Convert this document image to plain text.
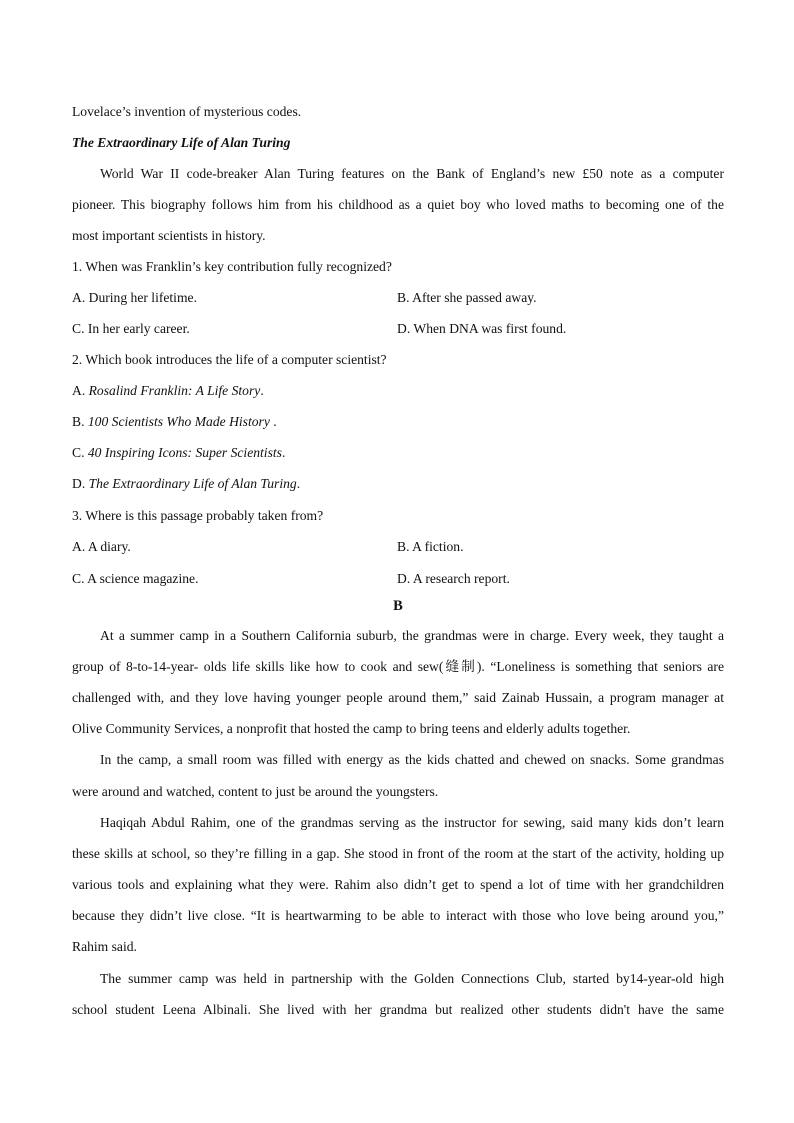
Lovelace’s invention of mysterious codes.
The Extraordinary Life of Alan Turing
World War II code-breaker Alan Turing features on the Bank of England’s new £50 note as a computer
pioneer. This biography follows him from his childhood as a quiet boy who loved maths to becoming one of the
most important scientists in history.
1. When was Franklin’s key contribution fully recognized?
A. During her lifetime.	B. After she passed away.
C. In her early career.	D. When DNA was first found.
2. Which book introduces the life of a computer scientist?
A. Rosalind Franklin: A Life Story.
B. 100 Scientists Who Made History .
C. 40 Inspiring Icons: Super Scientists.
D. The Extraordinary Life of Alan Turing.
3. Where is this passage probably taken from?
A. A diary.	B. A fiction.
C. A science magazine.	D. A research report.
B
At a summer camp in a Southern California suburb, the grandmas were in charge. Every week, they taught a
group of 8-to-14-year- olds life skills like how to cook and sew(缝制). “Loneliness is something that seniors are
challenged with, and they love having younger people around them,” said Zainab Hussain, a program manager at
Olive Community Services, a nonprofit that hosted the camp to bring teens and elderly adults together.
In the camp, a small room was filled with energy as the kids chatted and chewed on snacks. Some grandmas
were around and watched, content to just be around the youngsters.
Haqiqah Abdul Rahim, one of the grandmas serving as the instructor for sewing, said many kids don’t learn
these skills at school, so they’re filling in a gap. She stood in front of the room at the start of the activity, holding up
various tools and explaining what they were. Rahim also didn’t get to spend a lot of time with her grandchildren
because they didn’t live close. “It is heartwarming to be able to interact with those who love being around you,”
Rahim said.
The summer camp was held in partnership with the Golden Connections Club, started by14-year-old high
school student Leena Albinali. She lived with her grandma but realized other students didn't have the same
